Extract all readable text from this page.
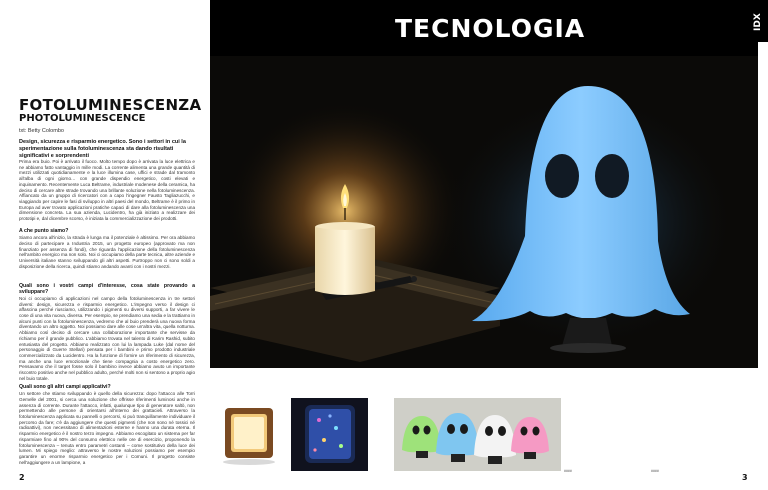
TECNOLOGIA	IDX
FOTOLUMINESCENZA
PHOTOLUMINESCENCE
txt: Betty Colombo
Design, sicurezza e risparmio energetico. Sono i settori in cui la sperimentazione sulla fotoluminescenza sta dando risultati significativi e sorprendenti
Prima era buio. Poi è arrivato il fuoco. Molto tempo dopo è arrivata la luce elettrica e ne abbiamo fatto vantaggio in mille modi. La corrente alimenta una grande quantità di mezzi utilizzati quotidianamente e la luce illumina case, uffici e strade dal tramonto all'alba di ogni giorno… con grande dispendio energetico, costi elevati e inquinamento. Recentemente Luca Beltrame, industriale modenese della ceramica, ha deciso di cercare altre strade trovando una brillante soluzione nella fotoluminescenza. Affiancato da un gruppo di ricercatori con a capo l'ingegner Fausto Tagliazucchi, e viaggiando per capire le fasi di sviluppo in altri paesi del mondo, Beltrame è il primo in Europa ad aver trovato applicazioni pratiche capaci di dare alla fotoluminescenza una dimensione concreta. La sua azienda, Lucidentro, ha già iniziato a realizzare dei prototipi e, dal dicembre scorso, è iniziata la commercializzazione dei prodotti.
A che punto siamo?

Siamo ancora all'inizio, la strada è lunga ma il potenziale è altissimo. Per ora abbiamo deciso di partecipare a Industria 2015, un progetto europeo (approvato ma non finanziato per assenza di fondi), che riguarda l'applicazione della fotoluminescenza nell'ambito energico ma non solo. Noi ci occupiamo della parte tecnica, altre aziende e Università italiane stanno sviluppando gli altri aspetti. Purtroppo non ci sono soldi a disposizione della ricerca, quindi stiamo andando avanti con i nostri mezzi.

Quali sono i vostri campi d'interesse, cosa state provando a sviluppare?

Noi ci occupiamo di applicazioni nel campo della fotoluminescenza in tre settori diversi: design, sicurezza e risparmio energetico. L'impegno verso il design ci affascina perché riusciamo, utilizzando i pigmenti su diversi supporti, a far vivere le cose di una vita nuova, diversa. Per esempio, se prendiamo una sedia e la trattiamo in alcuni punti con la fotoluminescenza, vedremo che al buio prenderà una nuova forma diventando un altro oggetto. Noi possiamo dare alle cose un'altra vita, quella notturna. Abbiamo così deciso di cercare una collaborazione importante che servisse da richiamo per il grande pubblico. L'abbiamo trovata nel talento di Karim Rashid, subito entusiasta del progetto. Abbiamo realizzato con lui la lampada Luke (dal nome del personaggio di Guerre Stellari) pensata per i bambini e primo prodotto industriale commercializzato da Lucidentro. Ha la funzione di fornire un riferimento di sicurezza, ma anche una luce emozionale che tiene compagnia a costo energetico zero. Pensavamo che il target fosse solo il bambino invece abbiamo avuto un importante riscontro positivo anche nel pubblico adulto, perché molti non si sentono a proprio agio nel buio totale.

Quali sono gli altri campi applicativi?

Un settore che stiamo sviluppando è quello della sicurezza: dopo l'attacco alle Torri Gemelle del 2001, si cerca una soluzione che offrisse riferimenti luminosi anche in assenza di corrente. Durante l'attacco, infatti, qualunque tipo di generatore saltò, non permettendo alle persone di orientarsi all'interno dei grattacieli. Attraverso la fotoluminescenza applicata su pannelli o percorsi, si può tranquillamente individuare il percorso da fare; c'è da aggiungere che questi pigmenti (che non sono né tossici né radioattivi), non necessitano di alimentazioni esterne e hanno una durata eterna. Il risparmio energetico è il nostro terzo impegno. Abbiamo escogitato un sistema per far risparmiare fino al 90% del consumo elettrico nelle ore di esercizio, proponendo la fotoluminescenza – tenuta entro parametri costanti – come sostitutivo della luce dei lumen. Mi spiego meglio: attraverso le nostre soluzioni possiamo per esempio garantire un enorme risparmio energetico per i Comuni. Il progetto consiste nell'aggiungere a un lampione, a

####	####
2	3
